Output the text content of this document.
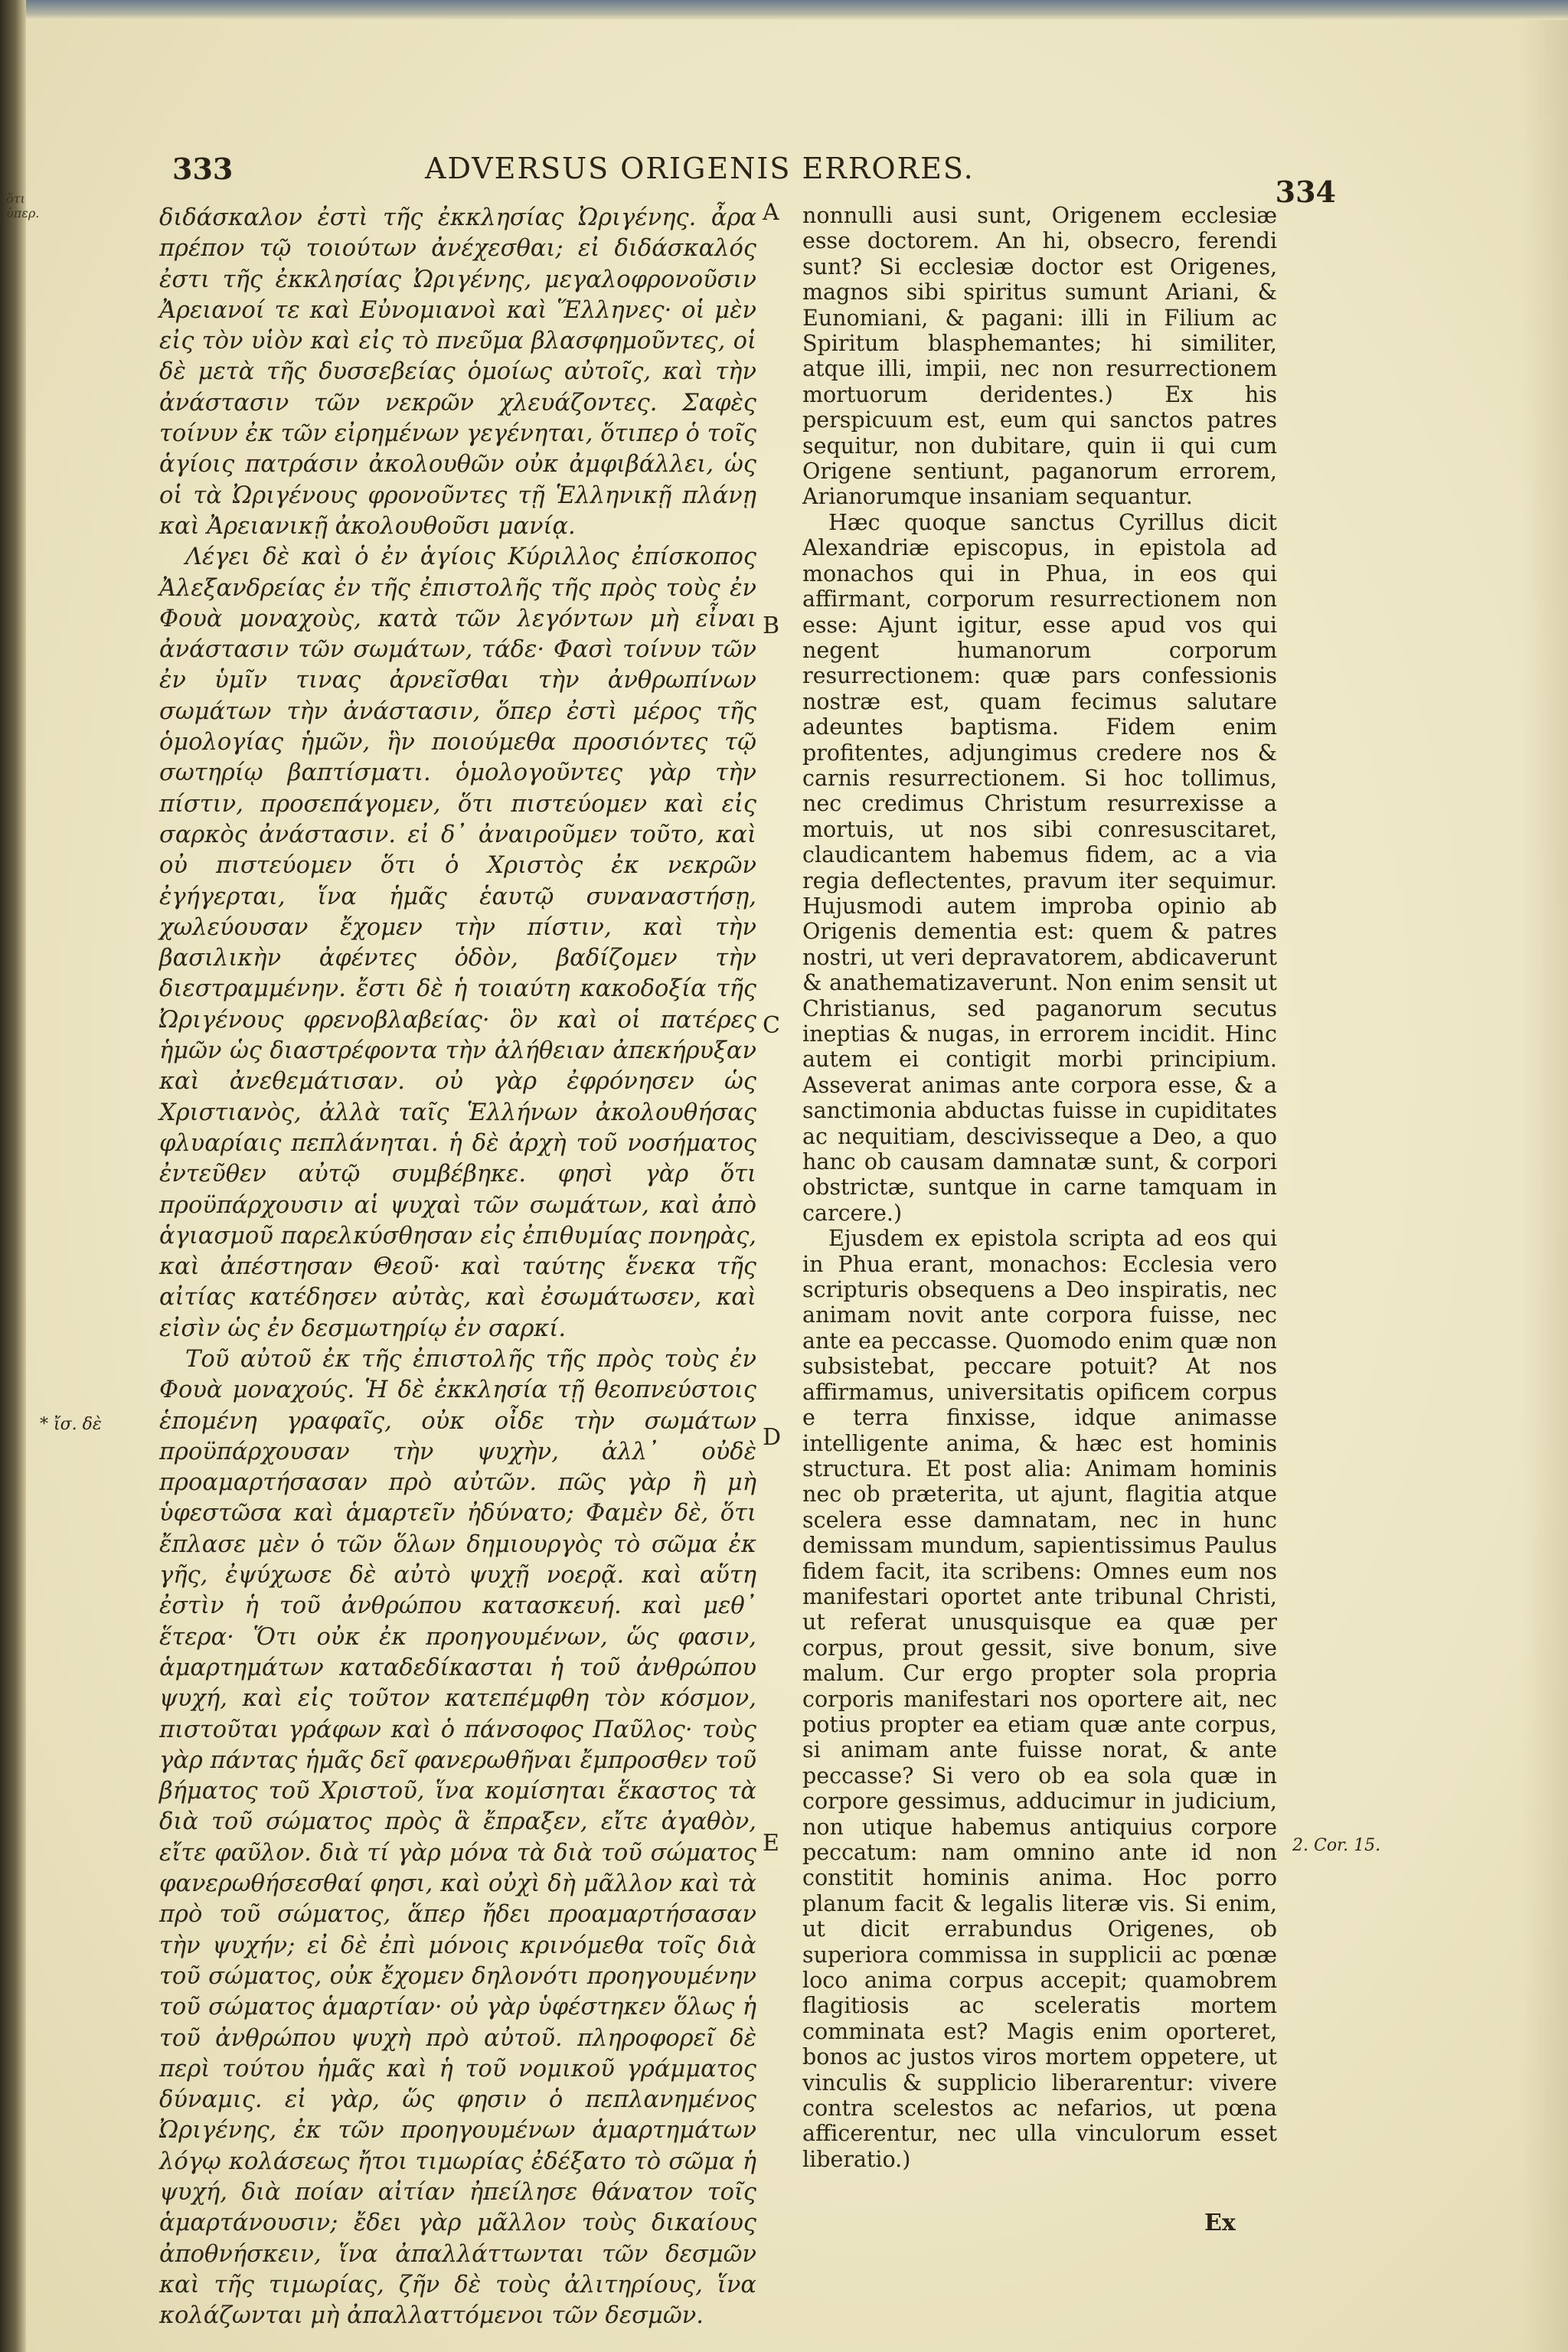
ὅτι
ὑπερ.
333	ADVERSUS ORIGENIS ERRORES.
334

διδάσκαλον ἐστὶ τῆς ἐκκλησίας Ὠριγένης. ἆρα πρέπον τῷ τοιούτων ἀνέχεσθαι; εἰ διδάσκαλός ἐστι τῆς ἐκκλησίας Ὠριγένης, μεγαλοφρονοῦσιν Ἀρειανοί τε καὶ Εὐνομιανοὶ καὶ Ἕλληνες· οἱ μὲν εἰς τὸν υἱὸν καὶ εἰς τὸ πνεῦμα βλασφημοῦντες, οἱ δὲ μετὰ τῆς δυσσεβείας ὁμοίως αὐτοῖς, καὶ τὴν ἀνάστασιν τῶν νεκρῶν χλευάζοντες. Σαφὲς τοίνυν ἐκ τῶν εἰρημένων γεγένηται, ὅτιπερ ὁ τοῖς ἁγίοις πατράσιν ἀκολουθῶν οὐκ ἀμφιβάλλει, ὡς οἱ τὰ Ὠριγένους φρονοῦντες τῇ Ἑλληνικῇ πλάνῃ καὶ Ἀρειανικῇ ἀκολουθοῦσι μανίᾳ.

Λέγει δὲ καὶ ὁ ἐν ἁγίοις Κύριλλος ἐπίσκοπος Ἀλεξανδρείας ἐν τῆς ἐπιστολῆς τῆς πρὸς τοὺς ἐν Φουὰ μοναχοὺς, κατὰ τῶν λεγόντων μὴ εἶναι ἀνάστασιν τῶν σωμάτων, τάδε· Φασὶ τοίνυν τῶν ἐν ὑμῖν τινας ἀρνεῖσθαι τὴν ἀνθρωπίνων σωμάτων τὴν ἀνάστασιν, ὅπερ ἐστὶ μέρος τῆς ὁμολογίας ἡμῶν, ἣν ποιούμεθα προσιόντες τῷ σωτηρίῳ βαπτίσματι. ὁμολογοῦντες γὰρ τὴν πίστιν, προσεπάγομεν, ὅτι πιστεύομεν καὶ εἰς σαρκὸς ἀνάστασιν. εἰ δ᾽ ἀναιροῦμεν τοῦτο, καὶ οὐ πιστεύομεν ὅτι ὁ Χριστὸς ἐκ νεκρῶν ἐγήγερται, ἵνα ἡμᾶς ἑαυτῷ συναναστήσῃ, χωλεύουσαν ἔχομεν τὴν πίστιν, καὶ τὴν βασιλικὴν ἀφέντες ὁδὸν, βαδίζομεν τὴν διεστραμμένην. ἔστι δὲ ἡ τοιαύτη κακοδοξία τῆς Ὠριγένους φρενοβλαβείας· ὃν καὶ οἱ πατέρες ἡμῶν ὡς διαστρέφοντα τὴν ἀλήθειαν ἀπεκήρυξαν καὶ ἀνεθεμάτισαν. οὐ γὰρ ἐφρόνησεν ὡς Χριστιανὸς, ἀλλὰ ταῖς Ἑλλήνων ἀκολουθήσας φλυαρίαις πεπλάνηται. ἡ δὲ ἀρχὴ τοῦ νοσήματος ἐντεῦθεν αὐτῷ συμβέβηκε. φησὶ γὰρ ὅτι προϋπάρχουσιν αἱ ψυχαὶ τῶν σωμάτων, καὶ ἀπὸ ἁγιασμοῦ παρελκύσθησαν εἰς ἐπιθυμίας πονηρὰς, καὶ ἀπέστησαν Θεοῦ· καὶ ταύτης ἕνεκα τῆς αἰτίας κατέδησεν αὐτὰς, καὶ ἐσωμάτωσεν, καὶ εἰσὶν ὡς ἐν δεσμωτηρίῳ ἐν σαρκί.

Τοῦ αὐτοῦ ἐκ τῆς ἐπιστολῆς τῆς πρὸς τοὺς ἐν Φουὰ μοναχούς. Ἡ δὲ ἐκκλησία τῇ θεοπνεύστοις ἑπομένη γραφαῖς, οὐκ οἶδε τὴν σωμάτων προϋπάρχουσαν τὴν ψυχὴν, ἀλλ᾽ οὐδὲ προαμαρτήσασαν πρὸ αὐτῶν. πῶς γὰρ ἢ μὴ ὑφεστῶσα καὶ ἁμαρτεῖν ἠδύνατο; Φαμὲν δὲ, ὅτι ἔπλασε μὲν ὁ τῶν ὅλων δημιουργὸς τὸ σῶμα ἐκ γῆς, ἐψύχωσε δὲ αὐτὸ ψυχῇ νοερᾷ. καὶ αὕτη ἐστὶν ἡ τοῦ ἀνθρώπου κατασκευή. καὶ μεθ᾽ ἕτερα· Ὅτι οὐκ ἐκ προηγουμένων, ὥς φασιν, ἁμαρτημάτων καταδεδίκασται ἡ τοῦ ἀνθρώπου ψυχή, καὶ εἰς τοῦτον κατεπέμφθη τὸν κόσμον, πιστοῦται γράφων καὶ ὁ πάνσοφος Παῦλος· τοὺς γὰρ πάντας ἡμᾶς δεῖ φανερωθῆναι ἔμπροσθεν τοῦ βήματος τοῦ Χριστοῦ, ἵνα κομίσηται ἕκαστος τὰ διὰ τοῦ σώματος πρὸς ἃ ἔπραξεν, εἴτε ἀγαθὸν, εἴτε φαῦλον. διὰ τί γὰρ μόνα τὰ διὰ τοῦ σώματος φανερωθήσεσθαί φησι, καὶ οὐχὶ δὴ μᾶλλον καὶ τὰ πρὸ τοῦ σώματος, ἅπερ ἤδει προαμαρτήσασαν τὴν ψυχήν; εἰ δὲ ἐπὶ μόνοις κρινόμεθα τοῖς διὰ τοῦ σώματος, οὐκ ἔχομεν δηλονότι προηγουμένην τοῦ σώματος ἁμαρτίαν· οὐ γὰρ ὑφέστηκεν ὅλως ἡ τοῦ ἀνθρώπου ψυχὴ πρὸ αὐτοῦ. πληροφορεῖ δὲ περὶ τούτου ἡμᾶς καὶ ἡ τοῦ νομικοῦ γράμματος δύναμις. εἰ γὰρ, ὥς φησιν ὁ πεπλανημένος Ὠριγένης, ἐκ τῶν προηγουμένων ἁμαρτημάτων λόγῳ κολάσεως ἤτοι τιμωρίας ἐδέξατο τὸ σῶμα ἡ ψυχή, διὰ ποίαν αἰτίαν ἠπείλησε θάνατον τοῖς ἁμαρτάνουσιν; ἔδει γὰρ μᾶλλον τοὺς δικαίους ἀποθνήσκειν, ἵνα ἀπαλλάττωνται τῶν δεσμῶν καὶ τῆς τιμωρίας, ζῆν δὲ τοὺς ἀλιτηρίους, ἵνα κολάζωνται μὴ ἀπαλλαττόμενοι τῶν δεσμῶν.

A
B
C
D
E

nonnulli ausi sunt, Origenem ecclesiæ esse doctorem. An hi, obsecro, ferendi sunt? Si ecclesiæ doctor est Origenes, magnos sibi spiritus sumunt Ariani, & Eunomiani, & pagani: illi in Filium ac Spiritum blasphemantes; hi similiter, atque illi, impii, nec non resurrectionem mortuorum deridentes.) Ex his perspicuum est, eum qui sanctos patres sequitur, non dubitare, quin ii qui cum Origene sentiunt, paganorum errorem, Arianorumque insaniam sequantur.

Hæc quoque sanctus Cyrillus dicit Alexandriæ episcopus, in epistola ad monachos qui in Phua, in eos qui affirmant, corporum resurrectionem non esse: Ajunt igitur, esse apud vos qui negent humanorum corporum resurrectionem: quæ pars confessionis nostræ est, quam fecimus salutare adeuntes baptisma. Fidem enim profitentes, adjungimus credere nos & carnis resurrectionem. Si hoc tollimus, nec credimus Christum resurrexisse a mortuis, ut nos sibi conresuscitaret, claudicantem habemus fidem, ac a via regia deflectentes, pravum iter sequimur. Hujusmodi autem improba opinio ab Origenis dementia est: quem & patres nostri, ut veri depravatorem, abdicaverunt & anathematizaverunt. Non enim sensit ut Christianus, sed paganorum secutus ineptias & nugas, in errorem incidit. Hinc autem ei contigit morbi principium. Asseverat animas ante corpora esse, & a sanctimonia abductas fuisse in cupiditates ac nequitiam, descivisseque a Deo, a quo hanc ob causam damnatæ sunt, & corpori obstrictæ, suntque in carne tamquam in carcere.)

Ejusdem ex epistola scripta ad eos qui in Phua erant, monachos: Ecclesia vero scripturis obsequens a Deo inspiratis, nec animam novit ante corpora fuisse, nec ante ea peccasse. Quomodo enim quæ non subsistebat, peccare potuit? At nos affirmamus, universitatis opificem corpus e terra finxisse, idque animasse intelligente anima, & hæc est hominis structura. Et post alia: Animam hominis nec ob præterita, ut ajunt, flagitia atque scelera esse damnatam, nec in hunc demissam mundum, sapientissimus Paulus fidem facit, ita scribens: Omnes eum nos manifestari oportet ante tribunal Christi, ut referat unusquisque ea quæ per corpus, prout gessit, sive bonum, sive malum. Cur ergo propter sola propria corporis manifestari nos oportere ait, nec potius propter ea etiam quæ ante corpus, si animam ante fuisse norat, & ante peccasse? Si vero ob ea sola quæ in corpore gessimus, adducimur in judicium, non utique habemus antiquius corpore peccatum: nam omnino ante id non constitit hominis anima. Hoc porro planum facit & legalis literæ vis. Si enim, ut dicit errabundus Origenes, ob superiora commissa in supplicii ac pœnæ loco anima corpus accepit; quamobrem flagitiosis ac sceleratis mortem comminata est? Magis enim oporteret, bonos ac justos viros mortem oppetere, ut vinculis & supplicio liberarentur: vivere contra scelestos ac nefarios, ut pœna afficerentur, nec ulla vinculorum esset liberatio.)

* ἴσ. δὲ
2. Cor. 15.
Ex
